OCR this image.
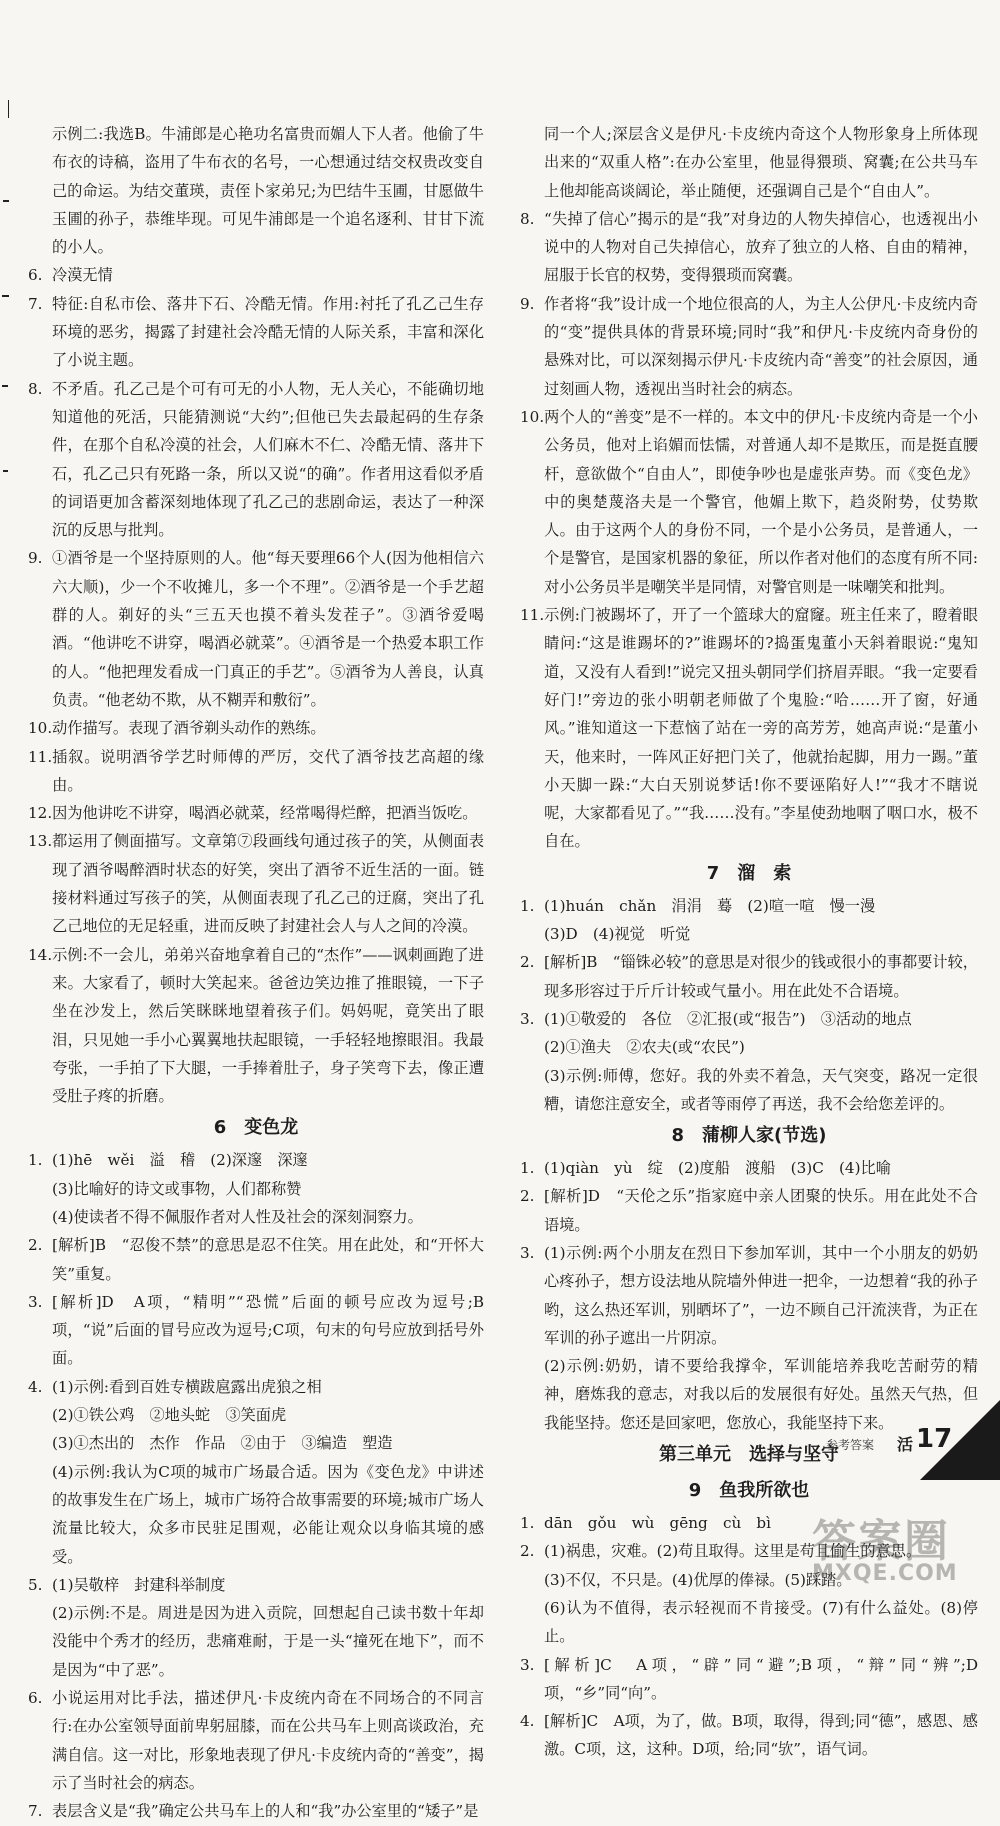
示例二:我选B。牛浦郎是心艳功名富贵而媚人下人者。他偷了牛布衣的诗稿，盗用了牛布衣的名号，一心想通过结交权贵改变自己的命运。为结交董瑛，责侄卜家弟兄;为巴结牛玉圃，甘愿做牛玉圃的孙子，恭维毕现。可见牛浦郎是一个追名逐利、甘甘下流的小人。
6. 冷漠无情
7. 特征:自私市侩、落井下石、冷酷无情。作用:衬托了孔乙己生存环境的恶劣，揭露了封建社会冷酷无情的人际关系，丰富和深化了小说主题。
8. 不矛盾。孔乙己是个可有可无的小人物，无人关心，不能确切地知道他的死活，只能猜测说“大约”;但他已失去最起码的生存条件，在那个自私冷漠的社会，人们麻木不仁、冷酷无情、落井下石，孔乙己只有死路一条，所以又说“的确”。作者用这看似矛盾的词语更加含蓄深刻地体现了孔乙己的悲剧命运，表达了一种深沉的反思与批判。
9. ①酒爷是一个坚持原则的人。他“每天要理66个人(因为他相信六六大顺)，少一个不收摊儿，多一个不理”。②酒爷是一个手艺超群的人。剃好的头“三五天也摸不着头发茬子”。③酒爷爱喝酒。“他讲吃不讲穿，喝酒必就菜”。④酒爷是一个热爱本职工作的人。“他把理发看成一门真正的手艺”。⑤酒爷为人善良，认真负责。“他老幼不欺，从不糊弄和敷衍”。
10. 动作描写。表现了酒爷剃头动作的熟练。
11. 插叙。说明酒爷学艺时师傅的严厉，交代了酒爷技艺高超的缘由。
12. 因为他讲吃不讲穿，喝酒必就菜，经常喝得烂醉，把酒当饭吃。
13. 都运用了侧面描写。文章第⑦段画线句通过孩子的笑，从侧面表现了酒爷喝醉酒时状态的好笑，突出了酒爷不近生活的一面。链接材料通过写孩子的笑，从侧面表现了孔乙己的迂腐，突出了孔乙己地位的无足轻重，进而反映了封建社会人与人之间的冷漠。
14. 示例:不一会儿，弟弟兴奋地拿着自己的“杰作”——讽刺画跑了进来。大家看了，顿时大笑起来。爸爸边笑边推了推眼镜，一下子坐在沙发上，然后笑眯眯地望着孩子们。妈妈呢，竟笑出了眼泪，只见她一手小心翼翼地扶起眼镜，一手轻轻地擦眼泪。我最夸张，一手拍了下大腿，一手捧着肚子，身子笑弯下去，像正遭受肚子疼的折磨。
6　变色龙
1. (1)hē　wěi　溢　稽　(2)深邃　深邃
(3)比喻好的诗文或事物，人们都称赞
(4)使读者不得不佩服作者对人性及社会的深刻洞察力。
2. [解析]B　“忍俊不禁”的意思是忍不住笑。用在此处，和“开怀大笑”重复。
3. [解析]D　A项，“精明”“恐慌”后面的顿号应改为逗号;B项，“说”后面的冒号应改为逗号;C项，句末的句号应放到括号外面。
4. (1)示例:看到百姓专横跋扈露出虎狼之相
(2)①铁公鸡　②地头蛇　③笑面虎
(3)①杰出的　杰作　作品　②由于　③编造　塑造
(4)示例:我认为C项的城市广场最合适。因为《变色龙》中讲述的故事发生在广场上，城市广场符合故事需要的环境;城市广场人流量比较大，众多市民驻足围观，必能让观众以身临其境的感受。
5. (1)吴敬梓　封建科举制度
(2)示例:不是。周进是因为进入贡院，回想起自己读书数十年却没能中个秀才的经历，悲痛难耐，于是一头“撞死在地下”，而不是因为“中了恶”。
6. 小说运用对比手法，描述伊凡·卡皮统内奇在不同场合的不同言行:在办公室领导面前卑躬屈膝，而在公共马车上则高谈政治，充满自信。这一对比，形象地表现了伊凡·卡皮统内奇的“善变”，揭示了当时社会的病态。
7. 表层含义是“我”确定公共马车上的人和“我”办公室里的“矮子”是
同一个人;深层含义是伊凡·卡皮统内奇这个人物形象身上所体现出来的“双重人格”:在办公室里，他显得猥琐、窝囊;在公共马车上他却能高谈阔论，举止随便，还强调自己是个“自由人”。
8. “失掉了信心”揭示的是“我”对身边的人物失掉信心，也透视出小说中的人物对自己失掉信心，放弃了独立的人格、自由的精神，屈服于长官的权势，变得猥琐而窝囊。
9. 作者将“我”设计成一个地位很高的人，为主人公伊凡·卡皮统内奇的“变”提供具体的背景环境;同时“我”和伊凡·卡皮统内奇身份的悬殊对比，可以深刻揭示伊凡·卡皮统内奇“善变”的社会原因，通过刻画人物，透视出当时社会的病态。
10. 两个人的“善变”是不一样的。本文中的伊凡·卡皮统内奇是一个小公务员，他对上谄媚而怯懦，对普通人却不是欺压，而是挺直腰杆，意欲做个“自由人”，即使争吵也是虚张声势。而《变色龙》中的奥楚蔑洛夫是一个警官，他媚上欺下，趋炎附势，仗势欺人。由于这两个人的身份不同，一个是小公务员，是普通人，一个是警官，是国家机器的象征，所以作者对他们的态度有所不同:对小公务员半是嘲笑半是同情，对警官则是一味嘲笑和批判。
11. 示例:门被踢坏了，开了一个篮球大的窟窿。班主任来了，瞪着眼睛问:“这是谁踢坏的?”谁踢坏的?捣蛋鬼董小天斜着眼说:“鬼知道，又没有人看到!”说完又扭头朝同学们挤眉弄眼。“我一定要看好门!”旁边的张小明朝老师做了个鬼脸:“哈……开了窗，好通风。”谁知道这一下惹恼了站在一旁的高芳芳，她高声说:“是董小天，他来时，一阵风正好把门关了，他就抬起脚，用力一踢。”董小天脚一跺:“大白天别说梦话!你不要诬陷好人!”“我才不瞎说呢，大家都看见了。”“我……没有。”李星使劲地咽了咽口水，极不自在。
7　溜　索
1. (1)huán　chǎn　涓涓　蓦　(2)喧一喧　慢一漫
(3)D　(4)视觉　听觉
2. [解析]B　“锱铢必较”的意思是对很少的钱或很小的事都要计较，现多形容过于斤斤计较或气量小。用在此处不合语境。
3. (1)①敬爱的　各位　②汇报(或“报告”)　③活动的地点
(2)①渔夫　②农夫(或“农民”)
(3)示例:师傅，您好。我的外卖不着急，天气突变，路况一定很糟，请您注意安全，或者等雨停了再送，我不会给您差评的。
8　蒲柳人家(节选)
1. (1)qiàn　yù　绽　(2)度船　渡船　(3)C　(4)比喻
2. [解析]D　“天伦之乐”指家庭中亲人团聚的快乐。用在此处不合语境。
3. (1)示例:两个小朋友在烈日下参加军训，其中一个小朋友的奶奶心疼孙子，想方设法地从院墙外伸进一把伞，一边想着“我的孙子哟，这么热还军训，别晒坏了”，一边不顾自己汗流浃背，为正在军训的孙子遮出一片阴凉。
(2)示例:奶奶，请不要给我撑伞，军训能培养我吃苦耐劳的精神，磨炼我的意志，对我以后的发展很有好处。虽然天气热，但我能坚持。您还是回家吧，您放心，我能坚持下来。
第三单元　选择与坚守
9　鱼我所欲也
1. dān　gǒu　wù　gēng　cù　bì
2. (1)祸患，灾难。(2)苟且取得。这里是苟且偷生的意思。
(3)不仅，不只是。(4)优厚的俸禄。(5)踩踏。
(6)认为不值得，表示轻视而不肯接受。(7)有什么益处。(8)停止。
3. [解析]C　A项，“辟”同“避”;B项，“辩”同“辨”;D项，“乡”同“向”。
4. [解析]C　A项，为了，做。B项，取得，得到;同“德”，感恩、感激。C项，这，这种。D项，给;同“欤”，语气词。
参考答案 活 17
答案圈
MXQE.COM
